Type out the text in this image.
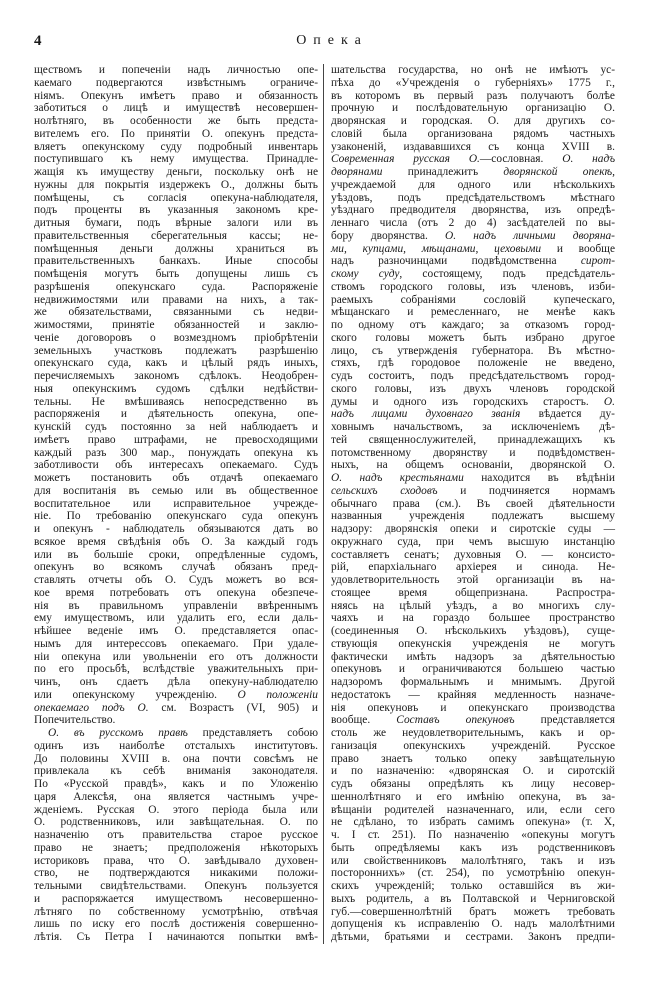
4	Опека
ществомъ и попеченіи надъ личностью опе-
каемаго подвергаются извѣстнымъ ограниче-
ніямъ. Опекунъ имѣетъ право и обязанность
заботиться о лицѣ и имуществѣ несовершен-
нолѣтняго, въ особенности же быть предста-
вителемъ его. По принятіи О. опекунъ предста-
вляетъ опекунскому суду подробный инвентарь
поступившаго къ нему имущества. Принадле-
жащія къ имуществу деньги, поскольку онѣ не
нужны для покрытія издержекъ О., должны быть
помѣщены, съ согласія опекуна-наблюдателя,
подъ проценты въ указанныя закономъ кре-
дитныя бумаги, подъ вѣрные залоги или въ
правительственныя сберегательныя кассы; не-
помѣщенныя деньги должны храниться въ
правительственныхъ банкахъ. Иные способы
помѣщенія могутъ быть допущены лишь съ
разрѣшенія опекунскаго суда. Распоряженіе
недвижимостями или правами на нихъ, а так-
же обязательствами, связанными съ недви-
жимостями, принятіе обязанностей и заклю-
ченіе договоровъ о возмездномъ пріобрѣтеніи
земельныхъ участковъ подлежатъ разрѣшенію
опекунскаго суда, какъ и цѣлый рядъ иныхъ,
перечисляемыхъ закономъ сдѣлокъ. Неодобрен-
ныя опекунскимъ судомъ сдѣлки недѣйстви-
тельны. Не вмѣшиваясь непосредственно въ
распоряженія и дѣятельность опекуна, опе-
кунскій судъ постоянно за ней наблюдаетъ и
имѣетъ право штрафами, не превосходящими
каждый разъ 300 мар., понуждать опекуна къ
заботливости объ интересахъ опекаемаго. Судъ
можетъ постановить объ отдачѣ опекаемаго
для воспитанія въ семью или въ общественное
воспитательное или исправительное учрежде-
ніе. По требованію опекунскаго суда опекунъ
и опекунъ - наблюдатель обязываются дать во
всякое время свѣдѣнія объ О. За каждый годъ
или въ большіе сроки, опредѣленные судомъ,
опекунъ во всякомъ случаѣ обязанъ пред-
ставлять отчеты объ О. Судъ можетъ во вся-
кое время потребовать отъ опекуна обезпече-
нія въ правильномъ управленіи ввѣреннымъ
ему имуществомъ, или удалить его, если даль-
нѣйшее веденіе имъ О. представляется опас-
нымъ для интерессовъ опекаемаго. При удале-
ніи опекуна или увольненіи его отъ должности
по его просьбѣ, вслѣдствіе уважительныхъ при-
чинъ, онъ сдаетъ дѣла опекуну-наблюдателю
или опекунскому учрежденію. О положеніи
опекаемаго подъ О. см. Возрастъ (VI, 905) и
Попечительство.
О. въ русскомъ правѣ представляетъ собою
одинъ изъ наиболѣе отсталыхъ институтовъ.
До половины XVIII в. она почти совсѣмъ не
привлекала къ себѣ вниманія законодателя.
По «Русской правдѣ», какъ и по Уложенію
царя Алексѣя, она является частнымъ учре-
жденіемъ. Русская О. этого періода была или
О. родственниковъ, или завѣщательная. О. по
назначенію отъ правительства старое русское
право не знаетъ; предположенія нѣкоторыхъ
историковъ права, что О. завѣдывало духовен-
ство, не подтверждаются никакими положи-
тельными свидѣтельствами. Опекунъ пользуется
и распоряжается имуществомъ несовершенно-
лѣтняго по собственному усмотрѣнію, отвѣчая
лишь по иску его послѣ достиженія совершенно-
лѣтія. Съ Петра I начинаются попытки вмѣ-
шательства государства, но онѣ не имѣютъ ус-
пѣха до «Учрежденія о губерніяхъ» 1775 г.,
въ которомъ въ первый разъ получаютъ болѣе
прочную и послѣдовательную организацію О.
дворянская и городская. О. для другихъ со-
словій была организована рядомъ частныхъ
узаконеній, издававшихся съ конца XVIII в.
Современная русская О.—сословная. О. надъ
дворянами принадлежитъ дворянской опекѣ,
учреждаемой для одного или нѣсколькихъ
уѣздовъ, подъ предсѣдательствомъ мѣстнаго
уѣзднаго предводителя дворянства, изъ опредѣ-
леннаго числа (отъ 2 до 4) засѣдателей по вы-
бору дворянства. О. надъ личными дворяна-
ми, купцами, мѣщанами, цеховыми и вообще
надъ разночинцами подвѣдомственна сирот-
скому суду, состоящему, подъ предсѣдатель-
ствомъ городского головы, изъ членовъ, изби-
раемыхъ собраніями сословій купеческаго,
мѣщанскаго и ремесленнаго, не менѣе какъ
по одному отъ каждаго; за отказомъ город-
ского головы можетъ быть избрано другое
лицо, съ утвержденія губернатора. Въ мѣстно-
стяхъ, гдѣ городовое положеніе не введено,
судъ состоитъ, подъ предсѣдательствомъ город-
ского головы, изъ двухъ членовъ городской
думы и одного изъ городскихъ старостъ. О.
надъ лицами духовнаго званія вѣдается ду-
ховнымъ начальствомъ, за исключеніемъ дѣ-
тей священнослужителей, принадлежащихъ къ
потомственному дворянству и подвѣдомствен-
ныхъ, на общемъ основаніи, дворянской О.
О. надъ крестьянами находится въ вѣдѣніи
сельскихъ сходовъ и подчиняется нормамъ
обычнаго права (см.). Въ своей дѣятельности
названныя учрежденія подлежатъ высшему
надзору: дворянскія опеки и сиротскіе суды —
окружнаго суда, при чемъ высшую инстанцію
составляетъ сенатъ; духовныя О. — консисто-
рій, епархіальнаго архіерея и синода. Не-
удовлетворительность этой организаціи въ на-
стоящее время общепризнана. Распростра-
няясь на цѣлый уѣздъ, а во многихъ слу-
чаяхъ и на гораздо большее пространство
(соединенныя О. нѣсколькихъ уѣздовъ), суще-
ствующія опекунскія учрежденія не могутъ
фактически имѣть надзоръ за дѣятельностью
опекуновъ и ограничиваются большею частью
надзоромъ формальнымъ и мнимымъ. Другой
недостатокъ — крайняя медленность назначе-
нія опекуновъ и опекунскаго производства
вообще. Составъ опекуновъ представляется
столь же неудовлетворительнымъ, какъ и ор-
ганизація опекунскихъ учрежденій. Русское
право знаетъ только опеку завѣщательную
и по назначенію: «дворянская О. и сиротскій
судъ обязаны опредѣлять къ лицу несовер-
шеннолѣтняго и его имѣнію опекуна, въ за-
вѣщаніи родителей назначеннаго, или, если сего
не сдѣлано, то избрать самимъ опекуна» (т. X,
ч. I ст. 251). По назначенію «опекуны могутъ
быть опредѣляемы какъ изъ родственниковъ
или свойственниковъ малолѣтняго, такъ и изъ
постороннихъ» (ст. 254), по усмотрѣнію опекун-
скихъ учрежденій; только оставшійся въ жи-
выхъ родитель, а въ Полтавской и Черниговской
губ.—совершеннолѣтній братъ можетъ требовать
допущенія къ исправленію О. надъ малолѣтними
дѣтьми, братьями и сестрами. Законъ предпи-
